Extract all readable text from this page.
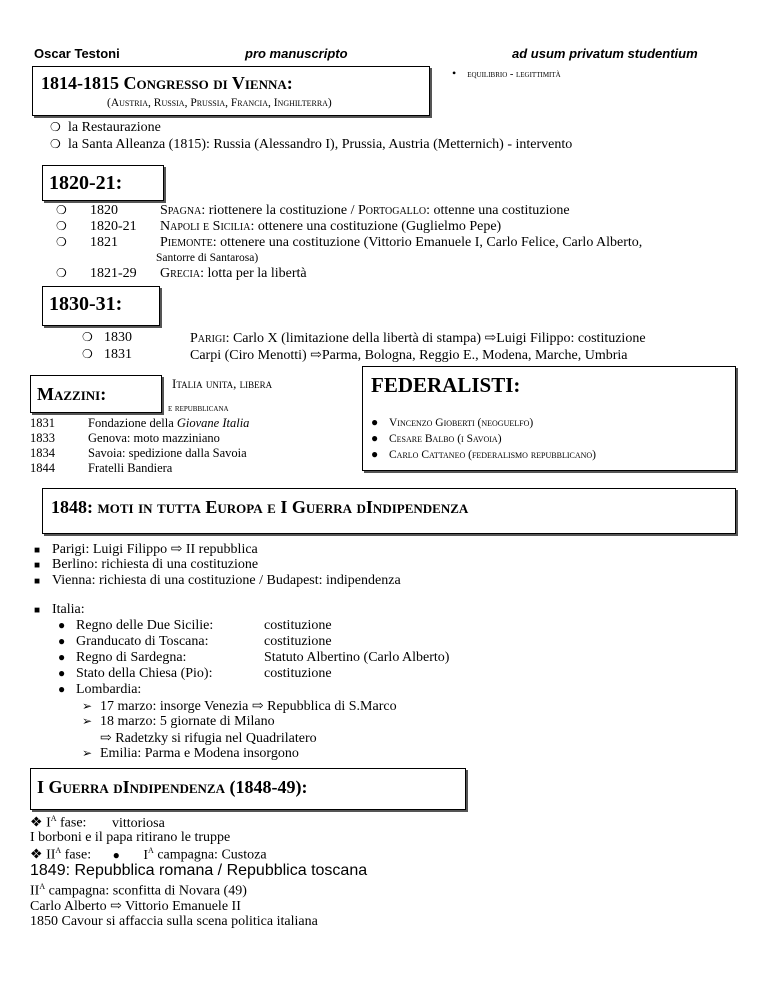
Oscar Testoni	pro manuscripto	ad usum privatum studentium
1814-1815 Congresso di Vienna:
(Austria, Russia, Prussia, Francia, Inghilterra)
• equilibrio - legittimità
❍ la Restaurazione
❍ la Santa Alleanza (1815): Russia (Alessandro I), Prussia, Austria (Metternich) - intervento
1820-21:
❍ 1820	Spagna: riottenere la costituzione / Portogallo: ottenne una costituzione
❍ 1820-21 Napoli e Sicilia: ottenere una costituzione (Guglielmo Pepe)
❍ 1821	Piemonte: ottenere una costituzione (Vittorio Emanuele I, Carlo Felice, Carlo Alberto,
Santorre di Santarosa)
❍ 1821-29 Grecia: lotta per la libertà
1830-31:
❍ 1830	Parigi: Carlo X (limitazione della libertà di stampa) ⇨Luigi Filippo: costituzione
❍ 1831	Carpi (Ciro Menotti) ⇨Parma, Bologna, Reggio E., Modena, Marche, Umbria
Mazzini:
Italia unita, libera
e repubblicana
1831	Fondazione della Giovane Italia
1833	Genova: moto mazziniano
1834	Savoia: spedizione dalla Savoia
1844	Fratelli Bandiera
FEDERALISTI:
● Vincenzo Gioberti (neoguelfo)
● Cesare Balbo (i Savoia)
● Carlo Cattaneo (federalismo repubblicano)
1848: moti in tutta Europa e I Guerra dIndipendenza
■ Parigi: Luigi Filippo ⇨ II repubblica
■ Berlino: richiesta di una costituzione
■ Vienna: richiesta di una costituzione / Budapest: indipendenza
■ Italia:
● Regno delle Due Sicilie:	costituzione
● Granducato di Toscana:	costituzione
● Regno di Sardegna:	Statuto Albertino (Carlo Alberto)
● Stato della Chiesa (Pio):	costituzione
● Lombardia:
➢ 17 marzo: insorge Venezia ⇨ Repubblica di S.Marco
➢ 18 marzo: 5 giornate di Milano
⇨ Radetzky si rifugia nel Quadrilatero
➢ Emilia: Parma e Modena insorgono
I Guerra dIndipendenza (1848-49):
❖ $I^A$ fase: vittoriosa
I borboni e il papa ritirano le truppe
❖ $II^A$ fase: ● $I^A$ campagna: Custoza
1849: Repubblica romana / Repubblica toscana
$II^A$ campagna: sconfitta di Novara (49)
Carlo Alberto ⇨ Vittorio Emanuele II
1850 Cavour si affaccia sulla scena politica italiana
